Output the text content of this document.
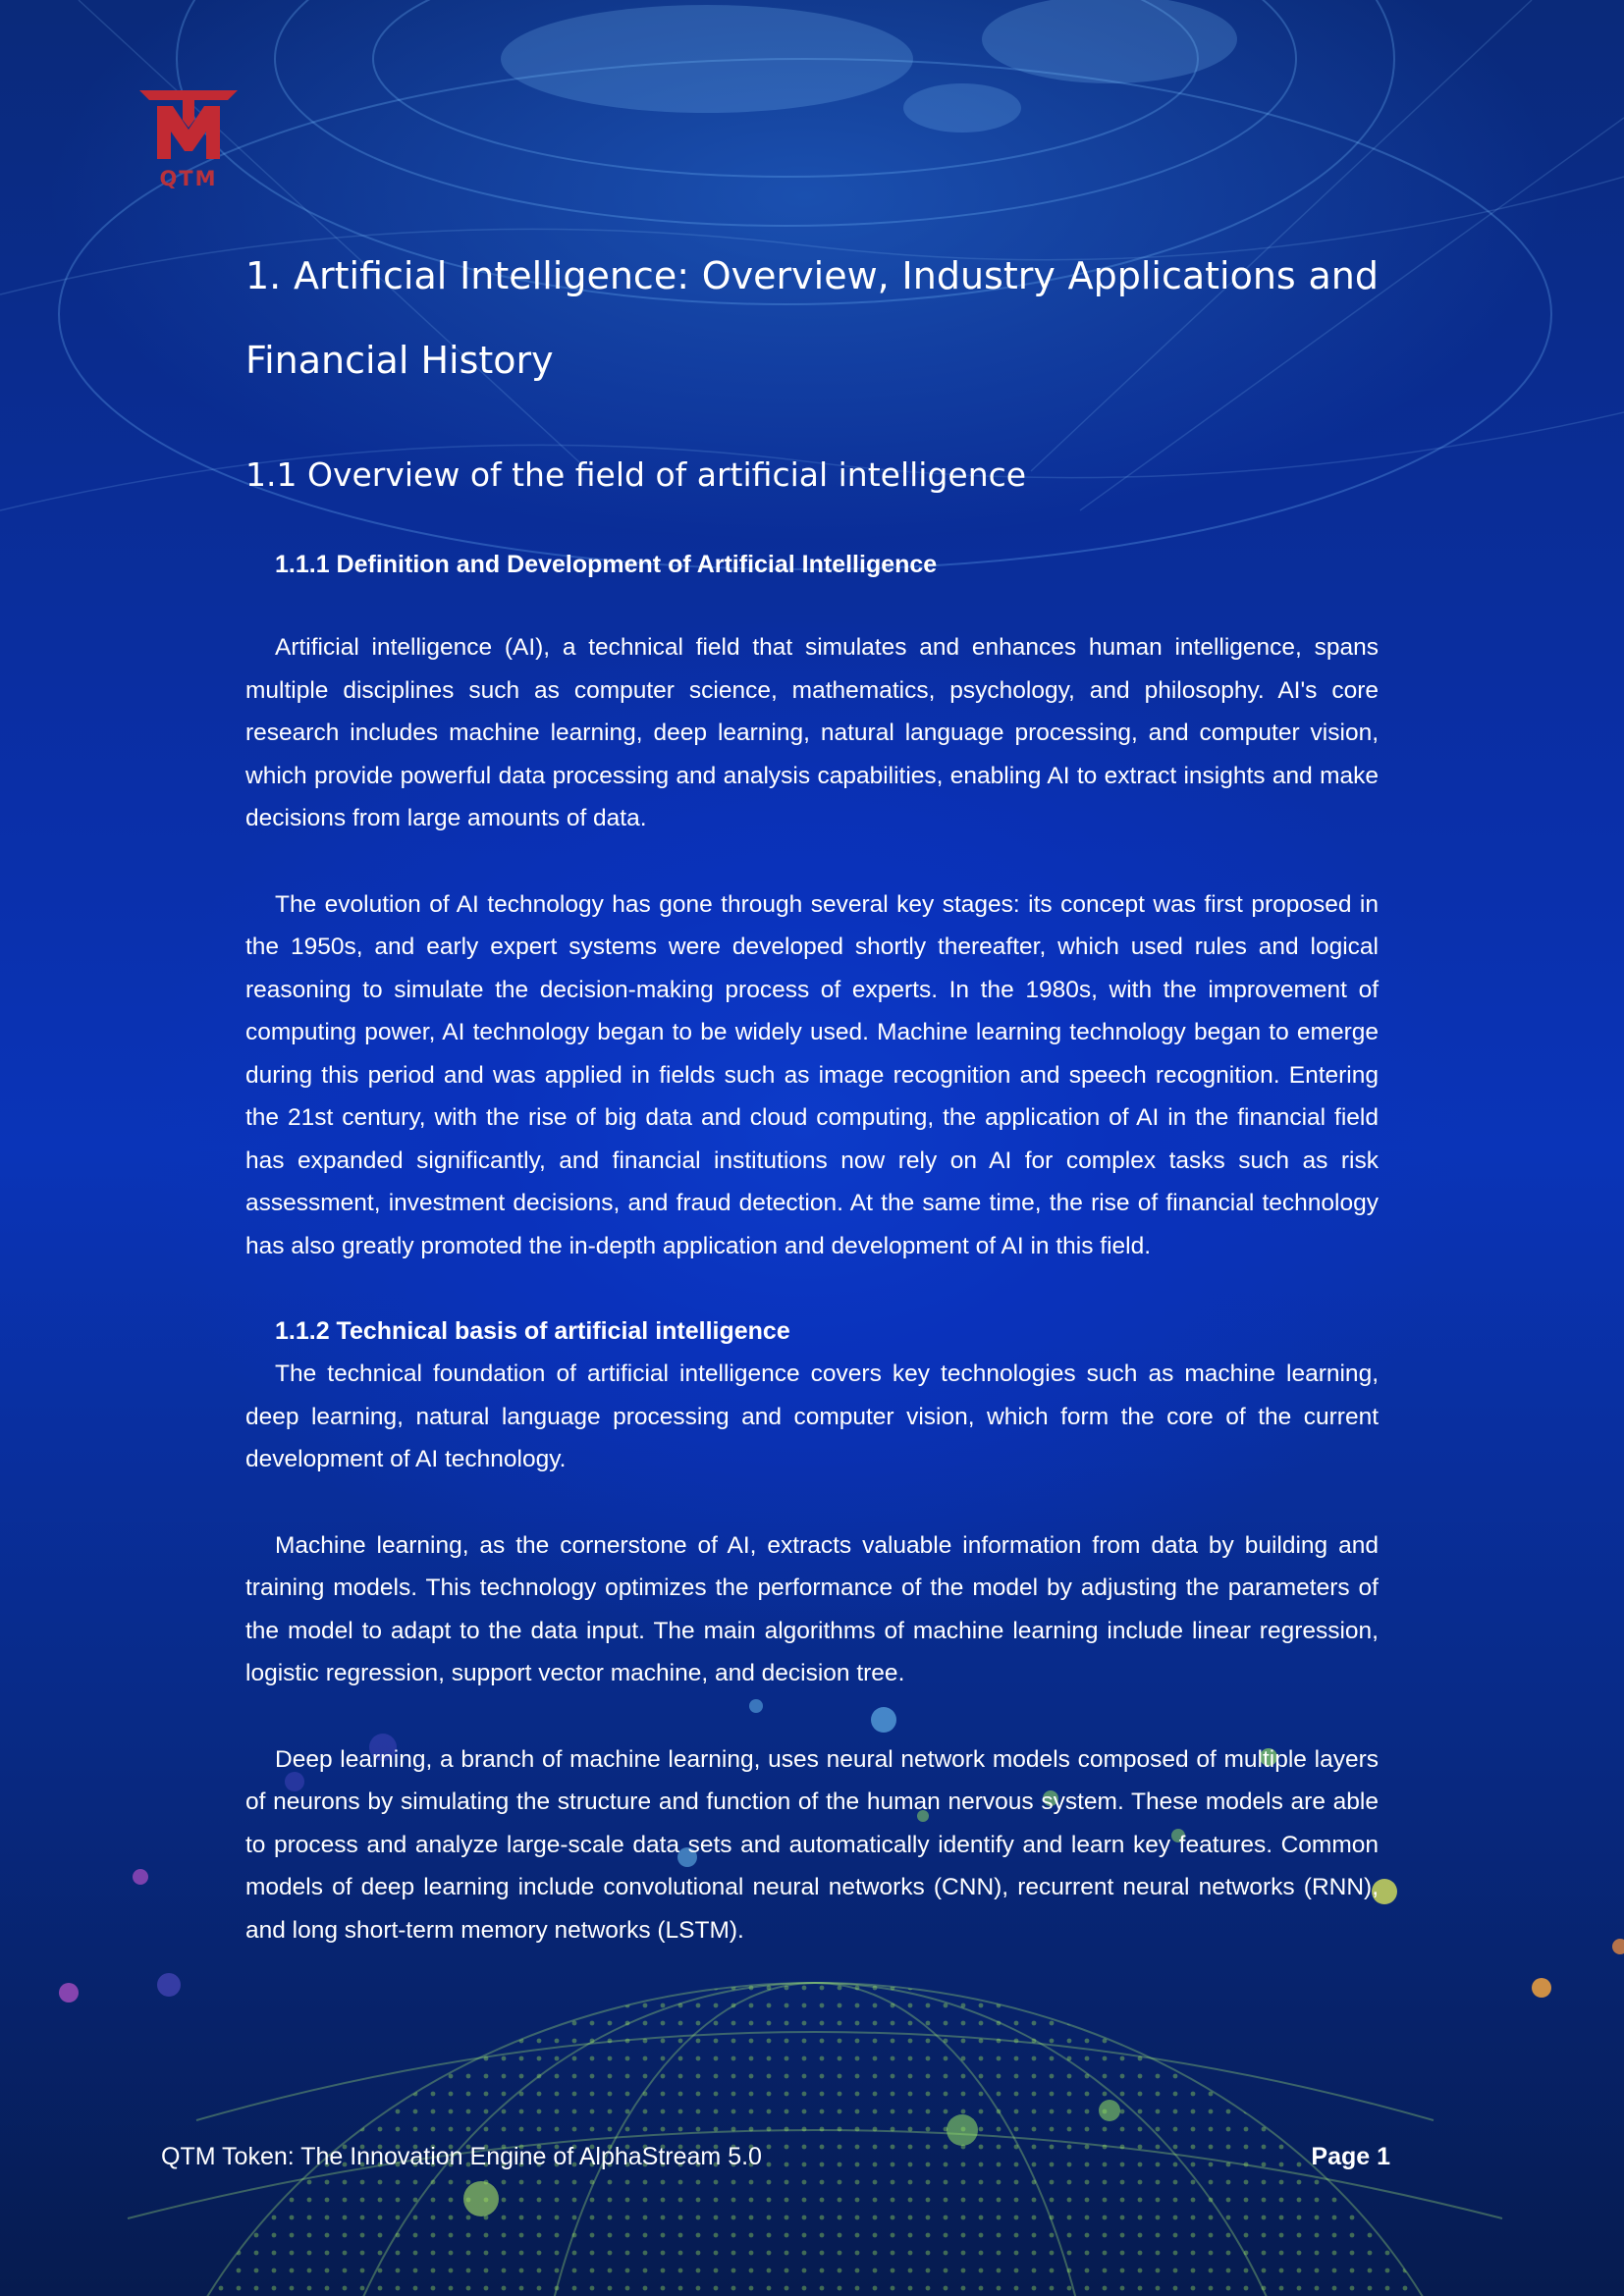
QTM
1. Artificial Intelligence: Overview, Industry Applications and Financial History
1.1 Overview of the field of artificial intelligence
1.1.1 Definition and Development of Artificial Intelligence

Artificial intelligence (AI), a technical field that simulates and enhances human intelligence, spans multiple disciplines such as computer science, mathematics, psychology, and philosophy. AI's core research includes machine learning, deep learning, natural language processing, and computer vision, which provide powerful data processing and analysis capabilities, enabling AI to extract insights and make decisions from large amounts of data.

The evolution of AI technology has gone through several key stages: its concept was first proposed in the 1950s, and early expert systems were developed shortly thereafter, which used rules and logical reasoning to simulate the decision-making process of experts. In the 1980s, with the improvement of computing power, AI technology began to be widely used. Machine learning technology began to emerge during this period and was applied in fields such as image recognition and speech recognition. Entering the 21st century, with the rise of big data and cloud computing, the application of AI in the financial field has expanded significantly, and financial institutions now rely on AI for complex tasks such as risk assessment, investment decisions, and fraud detection. At the same time, the rise of financial technology has also greatly promoted the in-depth application and development of AI in this field.

1.1.2 Technical basis of artificial intelligence

The technical foundation of artificial intelligence covers key technologies such as machine learning, deep learning, natural language processing and computer vision, which form the core of the current development of AI technology.

Machine learning, as the cornerstone of AI, extracts valuable information from data by building and training models. This technology optimizes the performance of the model by adjusting the parameters of the model to adapt to the data input. The main algorithms of machine learning include linear regression, logistic regression, support vector machine, and decision tree.

Deep learning, a branch of machine learning, uses neural network models composed of multiple layers of neurons by simulating the structure and function of the human nervous system. These models are able to process and analyze large-scale data sets and automatically identify and learn key features. Common models of deep learning include convolutional neural networks (CNN), recurrent neural networks (RNN), and long short-term memory networks (LSTM).

QTM Token: The Innovation Engine of AlphaStream 5.0	Page 1
